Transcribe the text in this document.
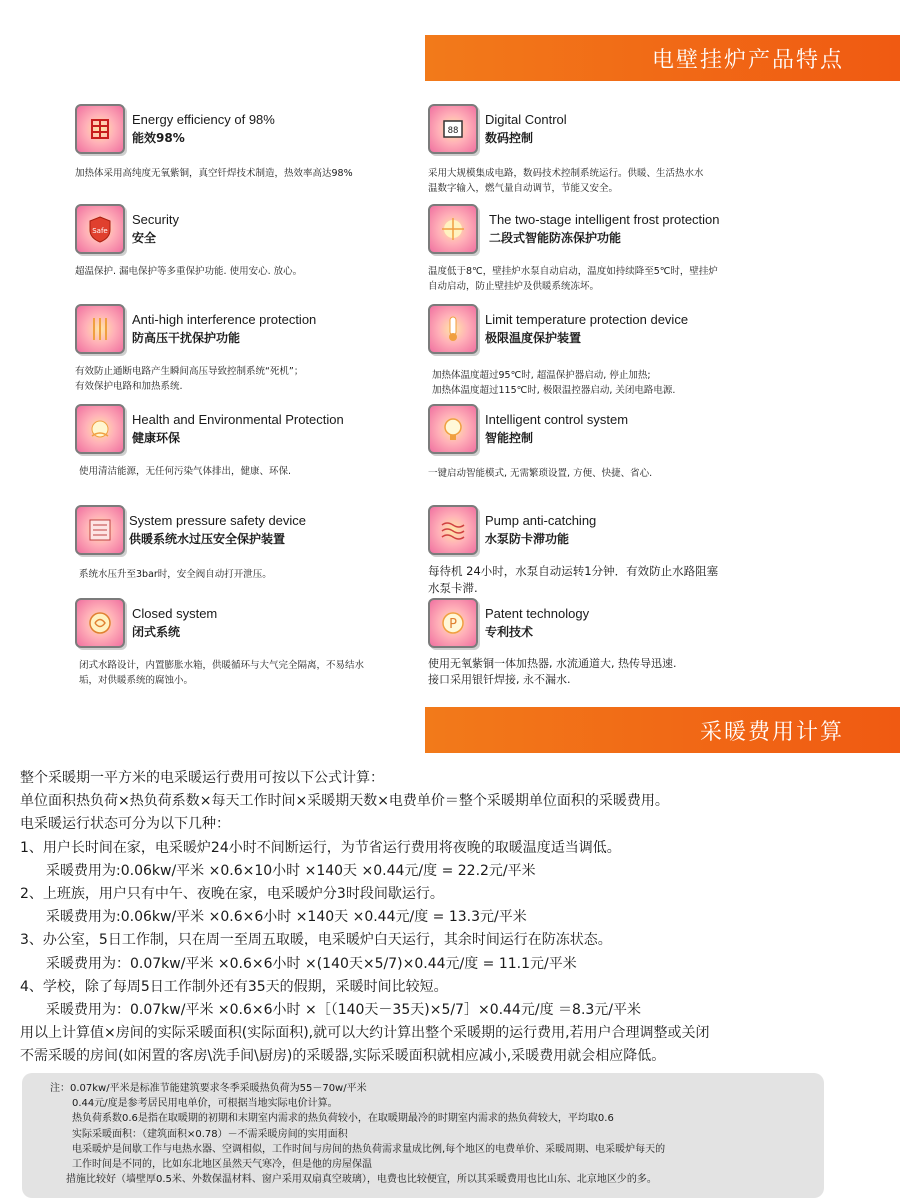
电壁挂炉产品特点
Energy efficiency of 98%
能效98%
加热体采用高纯度无氧紫铜，真空钎焊技术制造，热效率高达98%
88
Digital Control
数码控制
采用大规模集成电路，数码技术控制系统运行。供暖、生活热水水
温数字输入，燃气量自动调节，节能又安全。
Safe
Security
安全
超温保护. 漏电保护等多重保护功能. 使用安心. 放心。
The two-stage intelligent frost protection
二段式智能防冻保护功能
温度低于8℃，壁挂炉水泵自动启动，温度如持续降至5℃时，壁挂炉
自动启动，防止壁挂炉及供暖系统冻坏。
Anti-high interference protection
防高压干扰保护功能
有效防止通断电路产生瞬间高压导致控制系统“死机”；
有效保护电路和加热系统.
Limit temperature protection device
极限温度保护装置
加热体温度超过95℃时, 超温保护器启动, 停止加热;
加热体温度超过115℃时, 极限温控器启动, 关闭电路电源.
Health and Environmental Protection
健康环保
使用清洁能源，无任何污染气体排出，健康、环保.
Intelligent control system
智能控制
一键启动智能模式, 无需繁琐设置, 方便、快捷、省心.
System pressure safety device
供暖系统水过压安全保护装置
系统水压升至3bar时，安全阀自动打开泄压。
Pump anti-catching
水泵防卡滞功能
每待机 24小时，水泵自动运转1分钟．有效防止水路阻塞
水泵卡滞.
Closed system
闭式系统
闭式水路设计，内置膨胀水箱，供暖循环与大气完全隔离，不易结水
垢，对供暖系统的腐蚀小。
P
Patent technology
专利技术
使用无氧紫铜一体加热器, 水流通道大, 热传导迅速.
接口采用银钎焊接, 永不漏水.
采暖费用计算
整个采暖期一平方米的电采暖运行费用可按以下公式计算：
单位面积热负荷×热负荷系数×每天工作时间×采暖期天数×电费单价＝整个采暖期单位面积的采暖费用。
电采暖运行状态可分为以下几种：
1、用户长时间在家，电采暖炉24小时不间断运行，为节省运行费用将夜晚的取暖温度适当调低。
采暖费用为:0.06kw/平米 ×0.6×10小时 ×140天 ×0.44元/度 = 22.2元/平米
2、上班族，用户只有中午、夜晚在家，电采暖炉分3时段间歇运行。
采暖费用为:0.06kw/平米 ×0.6×6小时 ×140天 ×0.44元/度 = 13.3元/平米
3、办公室，5日工作制，只在周一至周五取暖，电采暖炉白天运行，其余时间运行在防冻状态。
采暖费用为：0.07kw/平米 ×0.6×6小时 ×(140天×5/7)×0.44元/度 = 11.1元/平米
4、学校，除了每周5日工作制外还有35天的假期，采暖时间比较短。
采暖费用为：0.07kw/平米 ×0.6×6小时 ×［（140天－35天)×5/7］×0.44元/度 ＝8.3元/平米
用以上计算值×房间的实际采暖面积(实际面积),就可以大约计算出整个采暖期的运行费用,若用户合理调整或关闭
不需采暖的房间(如闲置的客房\洗手间\厨房)的采暖器,实际采暖面积就相应减小,采暖费用就会相应降低。
注：0.07kw/平米是标准节能建筑要求冬季采暖热负荷为55－70w/平米
0.44元/度是参考居民用电单价，可根据当地实际电价计算。
热负荷系数0.6是指在取暖期的初期和末期室内需求的热负荷较小，在取暖期最冷的时期室内需求的热负荷较大，平均取0.6
实际采暖面积：（建筑面积×0.78）－不需采暖房间的实用面积
电采暖炉是间歇工作与电热水器、空调相似，工作时间与房间的热负荷需求量成比例,每个地区的电费单价、采暖周期、电采暖炉每天的
工作时间是不同的，比如东北地区虽然天气寒冷，但是他的房屋保温
措施比较好（墙壁厚0.5米、外数保温材料、窗户采用双扇真空玻璃），电费也比较便宜，所以其采暖费用也比山东、北京地区少的多。
